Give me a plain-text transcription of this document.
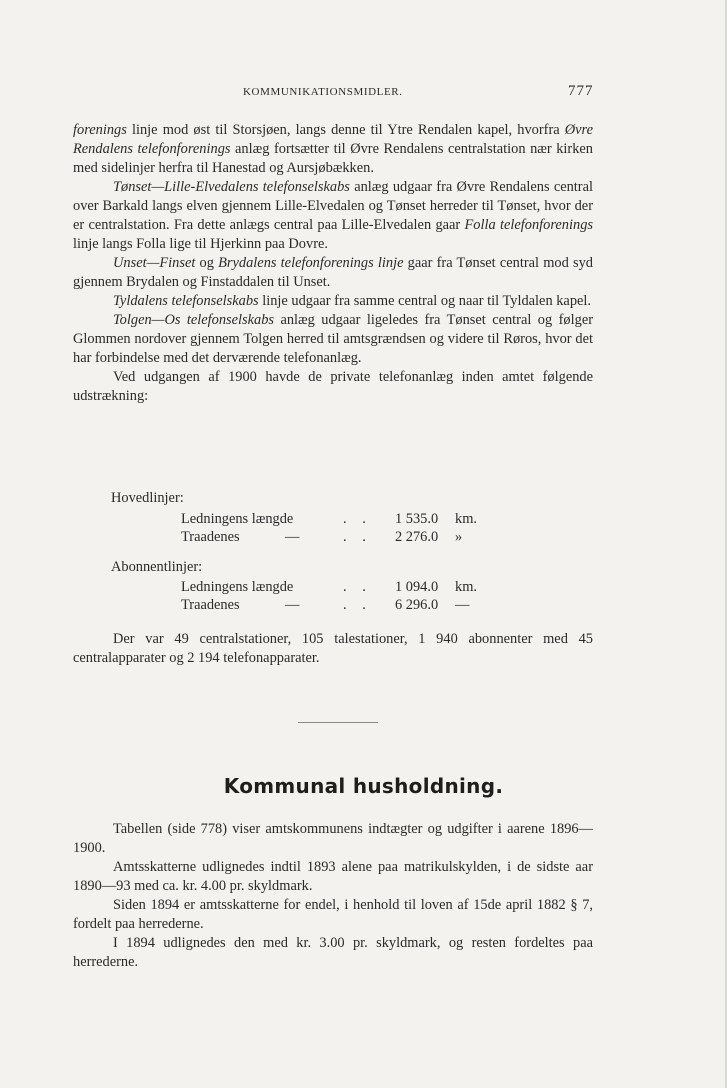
KOMMUNIKATIONSMIDLER.	777

forenings linje mod øst til Storsjøen, langs denne til Ytre Rendalen kapel, hvorfra Øvre Rendalens telefonforenings anlæg fortsætter til Øvre Rendalens centralstation nær kirken med sidelinjer herfra til Hanestad og Aursjøbækken.

Tønset—Lille-Elvedalens telefonselskabs anlæg udgaar fra Øvre Rendalens central over Barkald langs elven gjennem Lille-Elvedalen og Tønset herreder til Tønset, hvor der er centralstation. Fra dette anlægs central paa Lille-Elvedalen gaar Folla telefonforenings linje langs Folla lige til Hjerkinn paa Dovre.

Unset—Finset og Brydalens telefonforenings linje gaar fra Tønset central mod syd gjennem Brydalen og Finstaddalen til Unset.

Tyldalens telefonselskabs linje udgaar fra samme central og naar til Tyldalen kapel.

Tolgen—Os telefonselskabs anlæg udgaar ligeledes fra Tønset central og følger Glommen nordover gjennem Tolgen herred til amtsgrændsen og videre til Røros, hvor det har forbindelse med det derværende telefonanlæg.

Ved udgangen af 1900 havde de private telefonanlæg inden amtet følgende udstrækning:

Hovedlinjer:
Ledningens længde	. . 1 535.0 km.
Traadenes	—	. . 2 276.0 »
Abonnentlinjer:
Ledningens længde	. . 1 094.0 km.
Traadenes	—	. . 6 296.0 —

Der var 49 centralstationer, 105 talestationer, 1 940 abonnenter med 45 centralapparater og 2 194 telefonapparater.

Kommunal husholdning.

Tabellen (side 778) viser amtskommunens indtægter og udgifter i aarene 1896—1900.

Amtsskatterne udlignedes indtil 1893 alene paa matrikulskylden, i de sidste aar 1890—93 med ca. kr. 4.00 pr. skyldmark.

Siden 1894 er amtsskatterne for endel, i henhold til loven af 15de april 1882 § 7, fordelt paa herrederne.

I 1894 udlignedes den med kr. 3.00 pr. skyldmark, og resten fordeltes paa herrederne.
